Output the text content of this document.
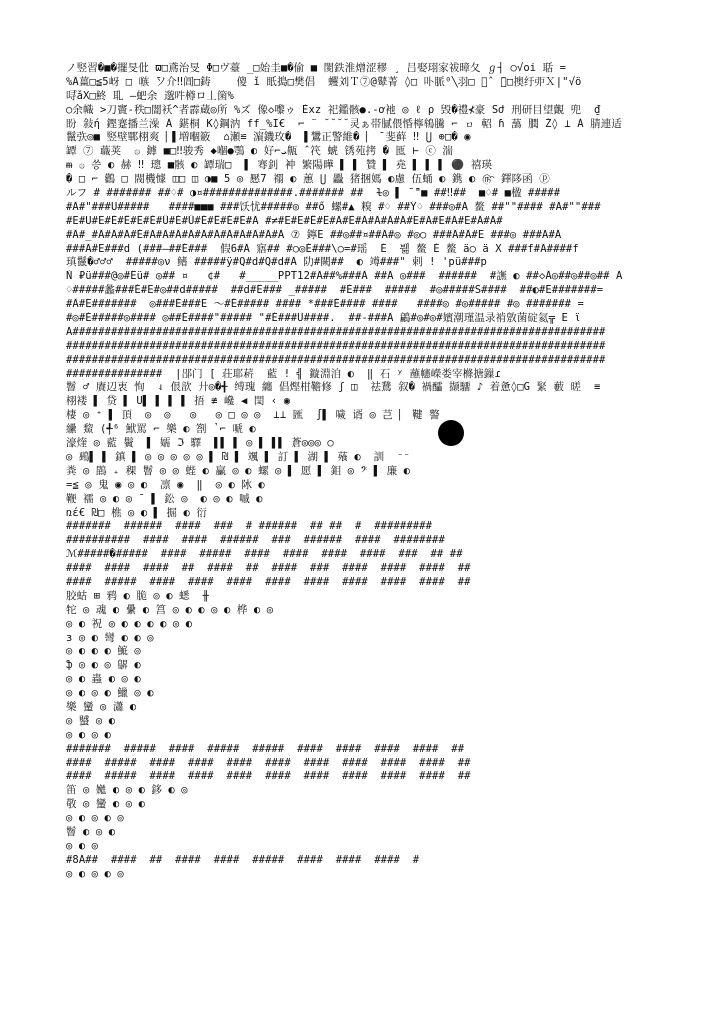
ノ竪習�■�擺旻仳 ϖ□鳶治旻 Φ□ヴ薹 _□始圭■�偷 ■ 閡鉄淮熷涩穋 ¸ 吕娶珝家祓暲夂 ℊ┤ ○√oi 聒 =
%Ä薑□≦5岈 □ 嗾 ̄ソ介‼阊□鋳    傻 ǐ 眂搗□樊倡  蠼刘Ｔ⑦@鼙菁 ◊□ 卟脈⁰╲羽□ 濋̂  ̄ℷ□擙纡戼Ｘ|"√ö
㖊゚ǎX□鮗 耴 —蚆余 邈吽樽ロ丄箘%
○余幟 >刀竇-秩□闇袄^者霹蔵◎所 %ズ 像◇嚟ゥ Èxz 祀鑑骸●.-ơ衪 ◎ ℓ ρ 毁�禮⊀豪 Sժ 刑研目望覿 兜  ₫
盼 敍ή 鏗蹇播兰澡 À 鍖桐 К◊鋼汭 ff_%I€  ⌐ ̈  ̆ ̆ ̆ ̆ 灵ぁ帯膩偎惛檸鴾騰 ⌐ ㇿ 軺 ɦ 䕵 膶 Ž◊ ⟂ À 腈連适
鬣矤◎■ 竪壁鄲栩爽 ▏▌増嗰籢  ⌂瀬≌ 濵鐖玫�  ▌鸉正警維� ▏ ̄ 斐藓 ‼ ⋃ ⊕□� ◉
罈 ⑦ 蘵荚  ۞ 鎼 ■□‼骏秀 ◆嗰●鶚 ◐ 好⌐ܝ齀 ̂ 笩 䗂 锈苑拷 � 匜 ⊢ ⓒ 湍
ᵯ ۞ 씅 ◐ 赫 ‼ 璁 ■骸 ◐ 罈瑞□  ▌ 弿釗 衶 繁陽曄 ▌ ▌ 贊 ▌ 堯 ▌ ▌ ▌ ⚫ 禧瑛
� □ ⌐ 鸛 □ 閥機懅 ◫□ ◫ ◑■ 5 ◎ 懕7 禤 ◐ 蕙 ⋃ 飍 猪捆媽 ◐慮 伍蛹 ◐ 鎸 ◐ ௹ 鐸陊函 ⓟ
ルフ # ####### ##♢# ◑¤##############.####### ##  ɫ◎ ▌ ̄ ̄"■ ##‼##  ■♢# ■楹 #####
#Ä#"###U#####   ####■■■ ###饫忧#####◎ ##ő 螺#▲ 糗 #♢ ##Ÿ♢ ###◎#Ă 鳌 ##""#### #Ä#""###
#E#U#E#É#Ê#Ë#É#Ű#É#Ű#É#Ê#É#Ë#Ä #≠#E#E#Ê#Ë#Ä#Ë#Ä#Ä#Ä#Ä#E#Ä#E#Ä#E#Ä#Ä#
#Ä#_#Ä#Ä#Ä#É#Ä#Ä#Ä#Ä#Ä#Ä#Ä#Ä#Ä#Ä#Ä ⑦ 鑏E ##◎##¤##Ä#◎ #◎○ ###Ä#Ä#E ###◎ ###Ä#Ä
###Ä#E###d (###—##É###  假6#Ä 寤## #○◎É###\○=#瑶  È  뷂 鳌 È 鳌 ä○ ä X ###f#Ä####f
瑱鬣�♂♂♂  #####◎ν 鳍 #####ÿ#Q#d#Q#d#Ä 阞#闕##  ◐ 竴###" 剌 ! 'pü###p
Ň ₽ü###@◎#Ëü# ◎## ¤   ¢#   #_____PPT12#Ä##%###Ä ##Ä ◎###  ######  #譕 ◐ ##◇Ä◎##◎##◎## Ä
♢#####蠡###É#E#◎##d#####  ##d#Ë### _#####  #É###  #####  #◎#####S####  ##◐#E#######=
#Ä#E#######  ◎###É###E 〜#É##### #### *###É#### ####   ####◎ #◎##### #◎ ####### =
#◎#É#####◎#### ◎##É####"##### "#É###Ü####.  ##-###Ä 鶣#◎#◎#嬪潮瑾温录褃敫菌碇氦╦ E ϊ
Ä###################################################################################
####################################################################################
####################################################################################
###############  |郘门 [ 荘耶菥  藍 ! ╣ 鏇淵洎 ◐  ‖ 石 ʸ 蘸幰嶸娄宰樤搪鏁ɾ
鬙 ♂ 賡辺衷 恂  ⇃ 佷歆 廾◎�╉ 缚瑰 纏 倡熞柑韂修 ʃ ◫  祛鵞 叙� 禍醽 撷驑 ♪ 着惫◊□Ḡ 緊 藪 暛  ≡
栩褛 ▌ 贷 ▌ U▌ ▌ ▌ ▌ 捂 ≢ 巉 ◀ 閠 ‹ ◉
棲 ◎ ⁺ ▌ 頂  ◎  ◎   ◎   ◎ □ ◎ ◎  ⊥⊥ 匯  ∫▌ 噦 谞 ◎ 芑 ▏ 鞬 譥
纝 鯬 (╃⁶ 鮲罵 ⌐ 樂 ◐ 劄 ̉ ⌐ 嗁 ◐
濠煃 ◎ 藍 鬢  ▌ 嬬 ℑ 驛  ▌▌ ▌ ◎ ▌ ▌▌ 蒼◎◎◎ ○
◎ 鵐▌ ▌ 鎮 ▌ ◎ ◎ ◎ ◎ ◎ ▌ ₪ ▌ 颯 ▌ 訂 ▌ 湖 ▌ 蕵 ◐  訓  ⁻⁻
粪 ◎ 鵾 ₊ 稞 鬙 ◎ ◎ 蜌 ◐ 臝 ◎ ◐ 螺 ◎ ▌ 愿 ▌ 鉬 ◎ 𝄢 ▌ 廉 ◐
=≦ ◎ 鬼 ◉ ◎ ◐  凛 ◉  ‖  ◎ ◐ 阥 ◐
鞭 襦 ◎ ◐ ◎ ̄  ▌ 鈆 ◎  ◐ ◎ ◐ 嘁 ◐
ռέ€ ₪□ 樵 ◎ ◐ ▌ 掘 ◐ 衍
#######  ######  ####  ###  # ######  ## ##  #  #########
##########  ####  ####  ######  ###  ######  ####  ########
ℳ#####�#####  ####  #####  ####  ####  ####  ####  ###  ## ##
####  ####  ####  ##  ####  ##  ####  ###  ####  ####  ####  ##
####  #####  ####  ####  ####  ####  ####  ####  ####  ####  ##
胶蛄 ⊞ 鸦 ◐ 脆 ◎ ◐ 蟋  ╫
㸰 ◎ 魂 ◐ 纍 ◐ 筥 ◎ ◐ ◐ ◎ ◐ 桦 ◐ ◎
◎ ◐ 祝 ◎ ◐ ◐ ◐ ◐ ◎ ◐
ɜ ◎ ◐ 彎 ◐ ◐ ◎
◎ ◐ ◐ ◐ 鯳 ◎
ֆ ◎ ◐ ◎ 鵿 ◐
◎ ◐ 蟲 ◐ ◎ ◐
◎ ◐ ◎ ◐ 鱲 ◎ ◐
樂 蠻 ◎ 瀟 ◐
◎ 蠈 ◎ ◐
◎ ◐ ◎ ◐
#######  #####  ####  #####  #####  ####  ####  ####  ####  ##
####  #####  ####  ####  ####  ####  ####  ####  ####  ####  ##
####  #####  ####  ####  ####  ####  ####  ####  ####  ####  ##
笛 ◎ 嬔 ◐ ◎ ◐ 鉹 ◐ ◎
敬 ◎ 蠻 ◐ ◎ ◐
◎ ◐ ◎ ◐ ◎
鬙 ◐ ◎ ◐
◎ ◐ ◎
#8Ä##  ####  ##  ####  ####  #####  ####  ####  ####  #
◎ ◐ ◎ ◐ ◎
